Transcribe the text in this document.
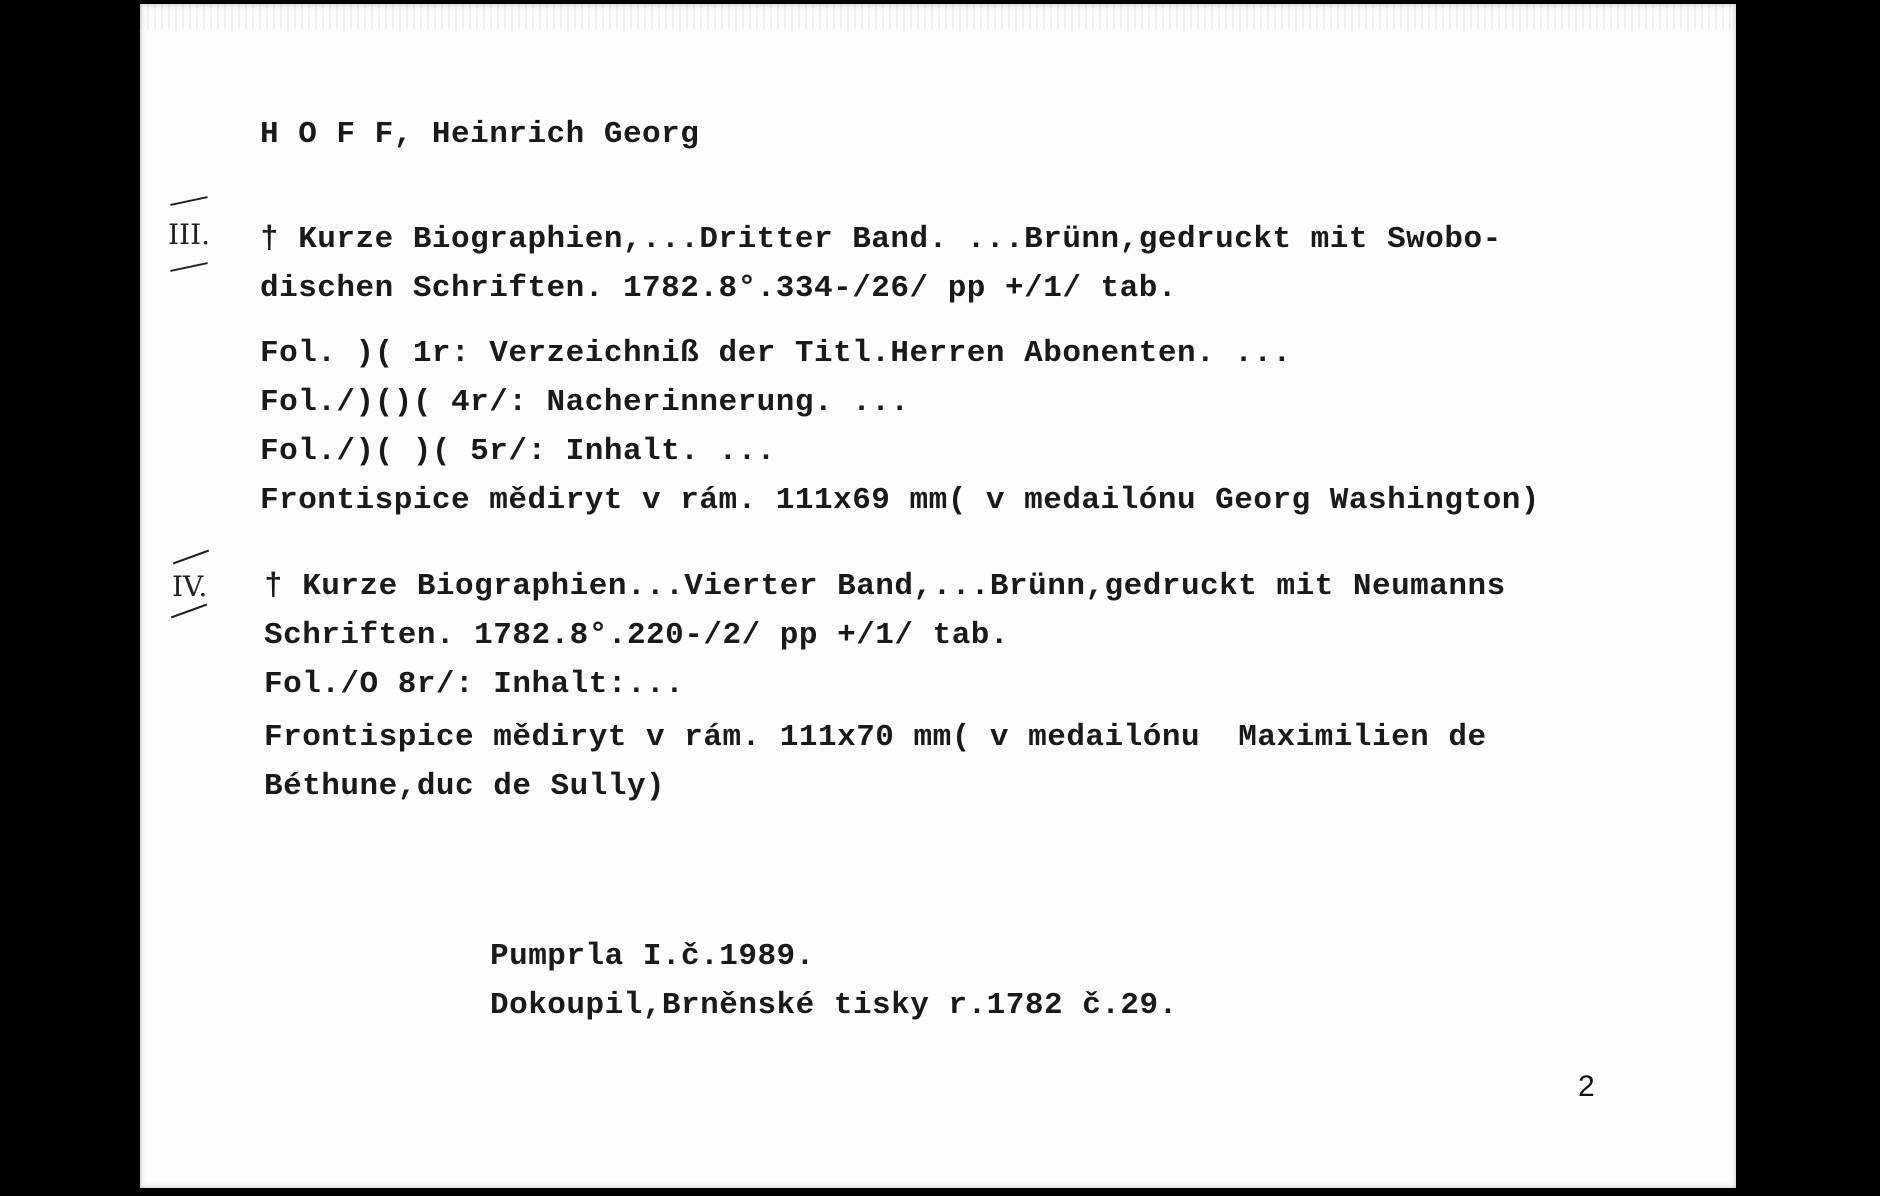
H O F F, Heinrich Georg
III. † Kurze Biographien,...Dritter Band. ...Brünn,gedruckt mit Swobo-
dischen Schriften. 1782.8°.334-/26/ pp +/1/ tab.
Fol. )( 1r: Verzeichniß der Titl.Herren Abonenten. ...
Fol./)()( 4r/: Nacherinnerung. ...
Fol./)( )( 5r/: Inhalt. ...
Frontispice mědiryt v rám. 111x69 mm( v medailónu Georg Washington)
IV. † Kurze Biographien...Vierter Band,...Brünn,gedruckt mit Neumanns
Schriften. 1782.8°.220-/2/ pp +/1/ tab.
Fol./O 8r/: Inhalt:...
Frontispice mědiryt v rám. 111x70 mm( v medailónu  Maximilien de
Béthune,duc de Sully)
Pumprla I.č.1989.
Dokoupil,Brněnské tisky r.1782 č.29.
2
